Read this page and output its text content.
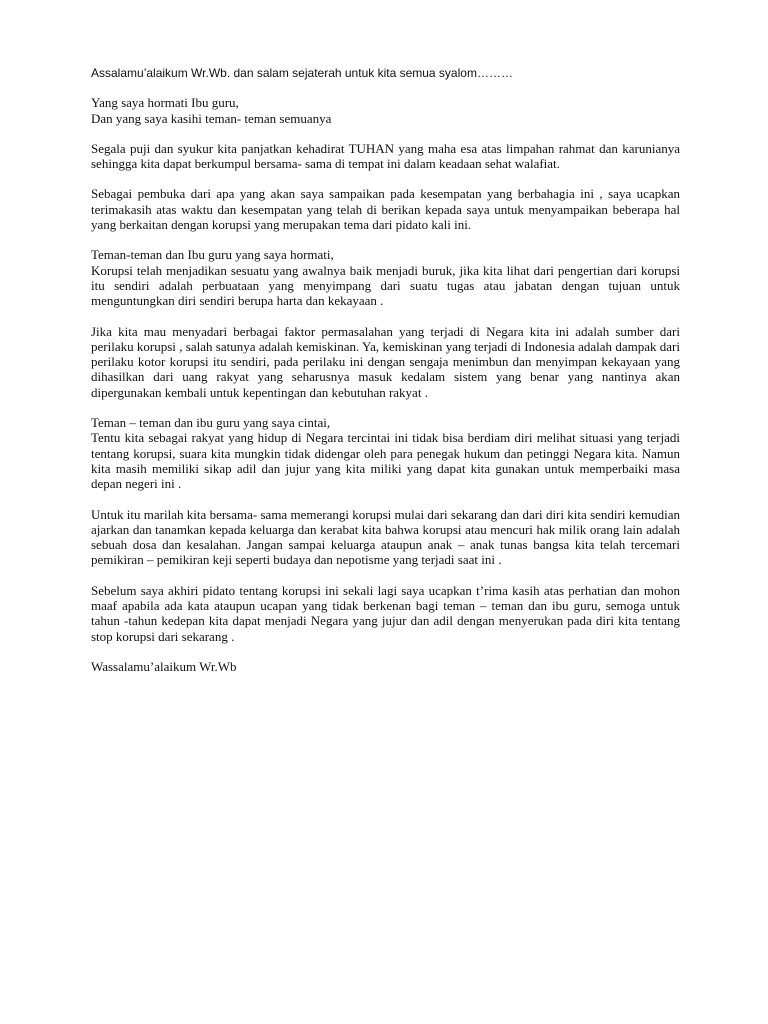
Assalamu’alaikum Wr.Wb. dan salam sejaterah untuk kita semua syalom………

Yang saya hormati Ibu guru,
Dan yang saya kasihi teman- teman semuanya

Segala puji dan syukur kita panjatkan kehadirat TUHAN yang maha esa atas limpahan rahmat dan karunianya sehingga kita dapat berkumpul bersama- sama di tempat ini dalam keadaan sehat walafiat.

Sebagai pembuka dari apa yang akan saya sampaikan pada kesempatan yang berbahagia ini , saya ucapkan terimakasih atas waktu dan kesempatan yang telah di berikan kepada saya untuk menyampaikan beberapa hal yang berkaitan dengan korupsi yang merupakan tema dari pidato kali ini.

Teman-teman dan Ibu guru yang saya hormati,
Korupsi telah menjadikan sesuatu yang awalnya baik menjadi buruk, jika kita lihat dari pengertian dari korupsi itu sendiri adalah perbuataan yang menyimpang dari suatu tugas atau jabatan dengan tujuan untuk menguntungkan diri sendiri berupa harta dan kekayaan .

Jika kita mau menyadari berbagai faktor permasalahan yang terjadi di Negara kita ini adalah sumber dari perilaku korupsi , salah satunya adalah kemiskinan. Ya, kemiskinan yang terjadi di Indonesia adalah dampak dari perilaku kotor korupsi itu sendiri, pada perilaku ini dengan sengaja menimbun dan menyimpan kekayaan yang dihasilkan dari uang rakyat yang seharusnya masuk kedalam sistem yang benar yang nantinya akan dipergunakan kembali untuk kepentingan dan kebutuhan rakyat .

Teman – teman dan ibu guru yang saya cintai,
Tentu kita sebagai rakyat yang hidup di Negara tercintai ini tidak bisa berdiam diri melihat situasi yang terjadi tentang korupsi, suara kita mungkin tidak didengar oleh para penegak hukum dan petinggi Negara kita. Namun kita masih memiliki sikap adil dan jujur yang kita miliki yang dapat kita gunakan untuk memperbaiki masa depan negeri ini .

Untuk itu marilah kita bersama- sama memerangi korupsi mulai dari sekarang dan dari diri kita sendiri kemudian ajarkan dan tanamkan kepada keluarga dan kerabat kita bahwa korupsi atau mencuri hak milik orang lain adalah sebuah dosa dan kesalahan. Jangan sampai keluarga ataupun anak – anak tunas bangsa kita telah tercemari pemikiran – pemikiran keji seperti budaya dan nepotisme yang terjadi saat ini .

Sebelum saya akhiri pidato tentang korupsi ini sekali lagi saya ucapkan t’rima kasih atas perhatian dan mohon maaf apabila ada kata ataupun ucapan yang tidak berkenan bagi teman – teman dan ibu guru, semoga untuk tahun -tahun kedepan kita dapat menjadi Negara yang jujur dan adil dengan menyerukan pada diri kita tentang stop korupsi dari sekarang .

Wassalamu’alaikum Wr.Wb
